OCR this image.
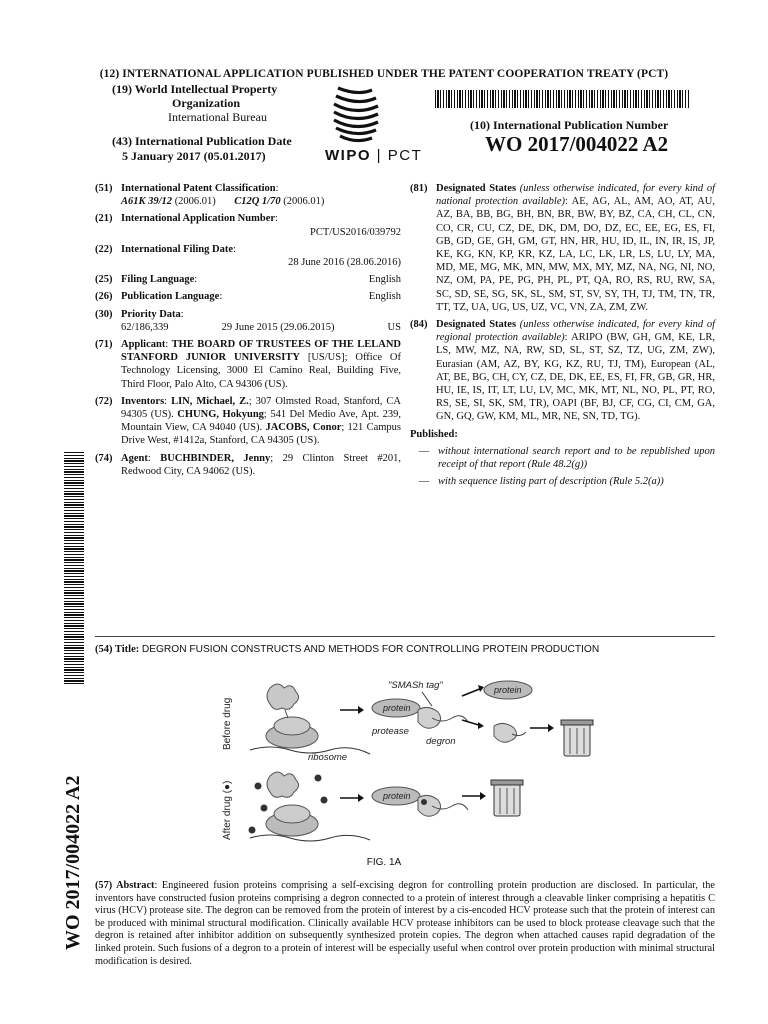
(12) INTERNATIONAL APPLICATION PUBLISHED UNDER THE PATENT COOPERATION TREATY (PCT)
(19) World Intellectual Property
Organization
International Bureau
(43) International Publication Date
5 January 2017 (05.01.2017)	WIPO | PCT
(10) International Publication Number
WO 2017/004022 A2
(51) International Patent Classification:
A61K 39/12 (2006.01) C12Q 1/70 (2006.01)
(21) International Application Number:
PCT/US2016/039792
(22) International Filing Date:
28 June 2016 (28.06.2016)
(25) Filing Language:	English
(26) Publication Language:	English
(30) Priority Data:
62/186,339	29 June 2015 (29.06.2015)	US
(71) Applicant: THE BOARD OF TRUSTEES OF THE LELAND STANFORD JUNIOR UNIVERSITY [US/US]; Office Of Technology Licensing, 3000 El Camino Real, Building Five, Third Floor, Palo Alto, CA 94306 (US).
(72) Inventors: LIN, Michael, Z.; 307 Olmsted Road, Stanford, CA 94305 (US). CHUNG, Hokyung; 541 Del Medio Ave, Apt. 239, Mountain View, CA 94040 (US). JACOBS, Conor; 121 Campus Drive West, #1412a, Stanford, CA 94305 (US).
(74) Agent: BUCHBINDER, Jenny; 29 Clinton Street #201, Redwood City, CA 94062 (US).
(81) Designated States (unless otherwise indicated, for every kind of national protection available): AE, AG, AL, AM, AO, AT, AU, AZ, BA, BB, BG, BH, BN, BR, BW, BY, BZ, CA, CH, CL, CN, CO, CR, CU, CZ, DE, DK, DM, DO, DZ, EC, EE, EG, ES, FI, GB, GD, GE, GH, GM, GT, HN, HR, HU, ID, IL, IN, IR, IS, JP, KE, KG, KN, KP, KR, KZ, LA, LC, LK, LR, LS, LU, LY, MA, MD, ME, MG, MK, MN, MW, MX, MY, MZ, NA, NG, NI, NO, NZ, OM, PA, PE, PG, PH, PL, PT, QA, RO, RS, RU, RW, SA, SC, SD, SE, SG, SK, SL, SM, ST, SV, SY, TH, TJ, TM, TN, TR, TT, TZ, UA, UG, US, UZ, VC, VN, ZA, ZM, ZW.
(84) Designated States (unless otherwise indicated, for every kind of regional protection available): ARIPO (BW, GH, GM, KE, LR, LS, MW, MZ, NA, RW, SD, SL, ST, SZ, TZ, UG, ZM, ZW), Eurasian (AM, AZ, BY, KG, KZ, RU, TJ, TM), European (AL, AT, BE, BG, CH, CY, CZ, DE, DK, EE, ES, FI, FR, GB, GR, HR, HU, IE, IS, IT, LT, LU, LV, MC, MK, MT, NL, NO, PL, PT, RO, RS, SE, SI, SK, SM, TR), OAPI (BF, BJ, CF, CG, CI, CM, GA, GN, GQ, GW, KM, ML, MR, NE, SN, TD, TG).
Published:
— without international search report and to be republished upon receipt of that report (Rule 48.2(g))
— with sequence listing part of description (Rule 5.2(a))
WO 2017/004022 A2
(54) Title: DEGRON FUSION CONSTRUCTS AND METHODS FOR CONTROLLING PROTEIN PRODUCTION
Before drug
After drug (●)
ribosome
protein
"SMASh tag"
protease
degron
protein
protein
FIG. 1A
(57) Abstract: Engineered fusion proteins comprising a self-excising degron for controlling protein production are disclosed. In particular, the inventors have constructed fusion proteins comprising a degron connected to a protein of interest through a cleavable linker comprising a hepatitis C virus (HCV) protease site. The degron can be removed from the protein of interest by a cis-encoded HCV protease such that the protein of interest can be produced with minimal structural modification. Clinically available HCV protease inhibitors can be used to block protease cleavage such that the degron is retained after inhibitor addition on subsequently synthesized protein copies. The degron when attached causes rapid degradation of the linked protein. Such fusions of a degron to a protein of interest will be especially useful when control over protein production with minimal structural modification is desired.
